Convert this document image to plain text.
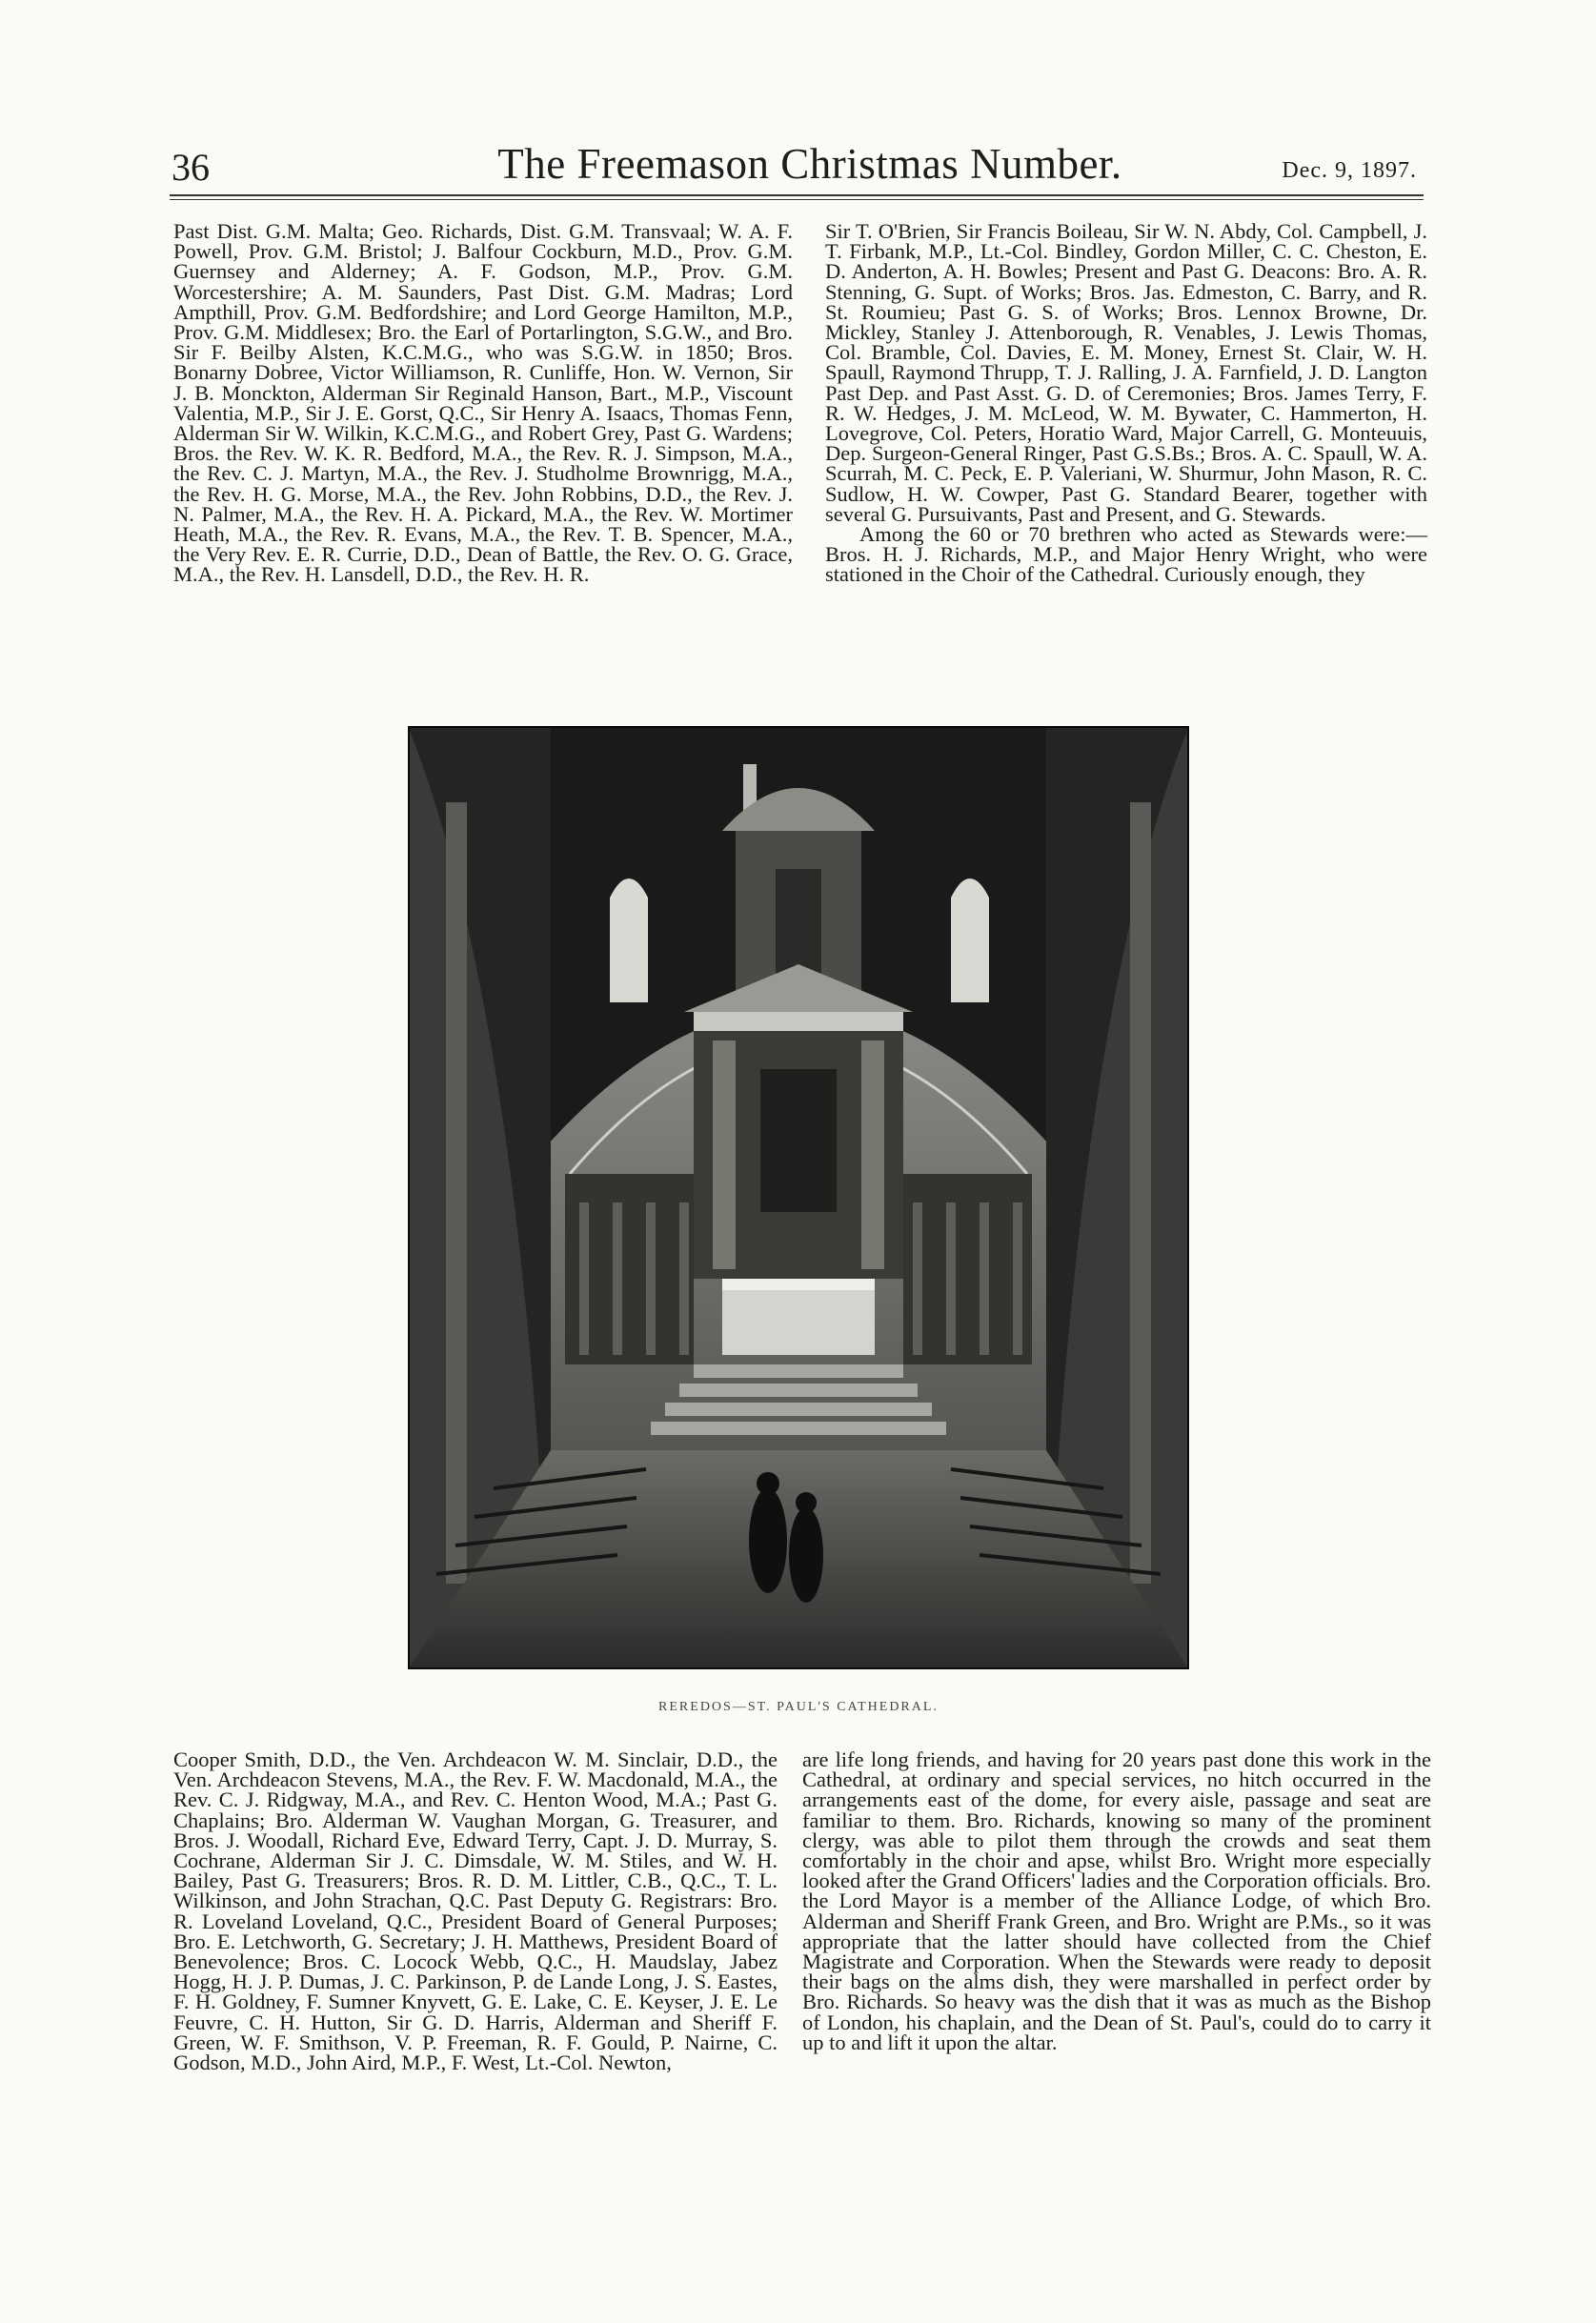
36	The Freemason Christmas Number.	Dec. 9, 1897.

Past Dist. G.M. Malta; Geo. Richards, Dist. G.M. Transvaal; W. A. F. Powell, Prov. G.M. Bristol; J. Balfour Cockburn, M.D., Prov. G.M. Guernsey and Alderney; A. F. Godson, M.P., Prov. G.M. Worcestershire; A. M. Saunders, Past Dist. G.M. Madras; Lord Ampthill, Prov. G.M. Bedfordshire; and Lord George Hamilton, M.P., Prov. G.M. Middlesex; Bro. the Earl of Portarlington, S.G.W., and Bro. Sir F. Beilby Alsten, K.C.M.G., who was S.G.W. in 1850; Bros. Bonarny Dobree, Victor Williamson, R. Cunliffe, Hon. W. Vernon, Sir J. B. Monckton, Alderman Sir Reginald Hanson, Bart., M.P., Viscount Valentia, M.P., Sir J. E. Gorst, Q.C., Sir Henry A. Isaacs, Thomas Fenn, Alderman Sir W. Wilkin, K.C.M.G., and Robert Grey, Past G. Wardens; Bros. the Rev. W. K. R. Bedford, M.A., the Rev. R. J. Simpson, M.A., the Rev. C. J. Martyn, M.A., the Rev. J. Studholme Brownrigg, M.A., the Rev. H. G. Morse, M.A., the Rev. John Robbins, D.D., the Rev. J. N. Palmer, M.A., the Rev. H. A. Pickard, M.A., the Rev. W. Mortimer Heath, M.A., the Rev. R. Evans, M.A., the Rev. T. B. Spencer, M.A., the Very Rev. E. R. Currie, D.D., Dean of Battle, the Rev. O. G. Grace, M.A., the Rev. H. Lansdell, D.D., the Rev. H. R.

Sir T. O'Brien, Sir Francis Boileau, Sir W. N. Abdy, Col. Campbell, J. T. Firbank, M.P., Lt.-Col. Bindley, Gordon Miller, C. C. Cheston, E. D. Anderton, A. H. Bowles; Present and Past G. Deacons: Bro. A. R. Stenning, G. Supt. of Works; Bros. Jas. Edmeston, C. Barry, and R. St. Roumieu; Past G. S. of Works; Bros. Lennox Browne, Dr. Mickley, Stanley J. Attenborough, R. Venables, J. Lewis Thomas, Col. Bramble, Col. Davies, E. M. Money, Ernest St. Clair, W. H. Spaull, Raymond Thrupp, T. J. Ralling, J. A. Farnfield, J. D. Langton Past Dep. and Past Asst. G. D. of Ceremonies; Bros. James Terry, F. R. W. Hedges, J. M. McLeod, W. M. Bywater, C. Hammerton, H. Lovegrove, Col. Peters, Horatio Ward, Major Carrell, G. Monteuuis, Dep. Surgeon-General Ringer, Past G.S.Bs.; Bros. A. C. Spaull, W. A. Scurrah, M. C. Peck, E. P. Valeriani, W. Shurmur, John Mason, R. C. Sudlow, H. W. Cowper, Past G. Standard Bearer, together with several G. Pursuivants, Past and Present, and G. Stewards.

Among the 60 or 70 brethren who acted as Stewards were:— Bros. H. J. Richards, M.P., and Major Henry Wright, who were stationed in the Choir of the Cathedral. Curiously enough, they

REREDOS—ST. PAUL'S CATHEDRAL.

Cooper Smith, D.D., the Ven. Archdeacon W. M. Sinclair, D.D., the Ven. Archdeacon Stevens, M.A., the Rev. F. W. Macdonald, M.A., the Rev. C. J. Ridgway, M.A., and Rev. C. Henton Wood, M.A.; Past G. Chaplains; Bro. Alderman W. Vaughan Morgan, G. Treasurer, and Bros. J. Woodall, Richard Eve, Edward Terry, Capt. J. D. Murray, S. Cochrane, Alderman Sir J. C. Dimsdale, W. M. Stiles, and W. H. Bailey, Past G. Treasurers; Bros. R. D. M. Littler, C.B., Q.C., T. L. Wilkinson, and John Strachan, Q.C. Past Deputy G. Registrars: Bro. R. Loveland Loveland, Q.C., President Board of General Purposes; Bro. E. Letchworth, G. Secretary; J. H. Matthews, President Board of Benevolence; Bros. C. Locock Webb, Q.C., H. Maudslay, Jabez Hogg, H. J. P. Dumas, J. C. Parkinson, P. de Lande Long, J. S. Eastes, F. H. Goldney, F. Sumner Knyvett, G. E. Lake, C. E. Keyser, J. E. Le Feuvre, C. H. Hutton, Sir G. D. Harris, Alderman and Sheriff F. Green, W. F. Smithson, V. P. Freeman, R. F. Gould, P. Nairne, C. Godson, M.D., John Aird, M.P., F. West, Lt.-Col. Newton,

are life long friends, and having for 20 years past done this work in the Cathedral, at ordinary and special services, no hitch occurred in the arrangements east of the dome, for every aisle, passage and seat are familiar to them. Bro. Richards, knowing so many of the prominent clergy, was able to pilot them through the crowds and seat them comfortably in the choir and apse, whilst Bro. Wright more especially looked after the Grand Officers' ladies and the Corporation officials. Bro. the Lord Mayor is a member of the Alliance Lodge, of which Bro. Alderman and Sheriff Frank Green, and Bro. Wright are P.Ms., so it was appropriate that the latter should have collected from the Chief Magistrate and Corporation. When the Stewards were ready to deposit their bags on the alms dish, they were marshalled in perfect order by Bro. Richards. So heavy was the dish that it was as much as the Bishop of London, his chaplain, and the Dean of St. Paul's, could do to carry it up to and lift it upon the altar.
